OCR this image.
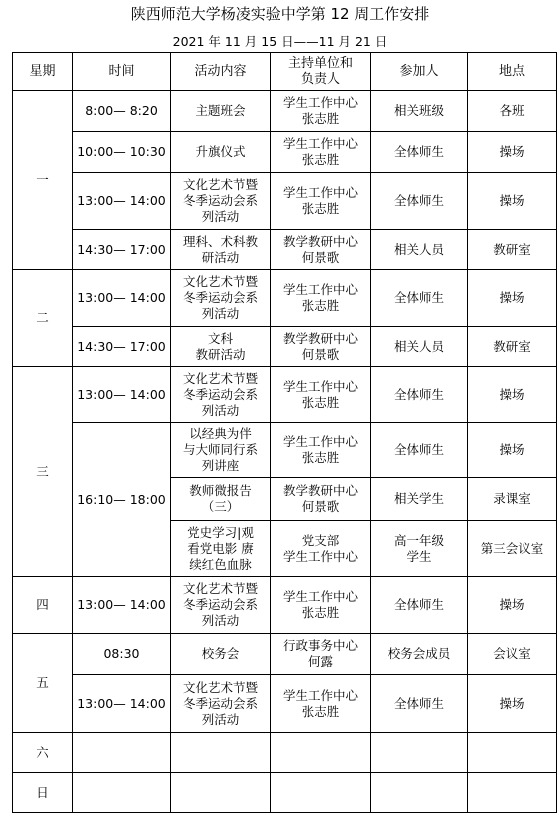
陕西师范大学杨凌实验中学第 12 周工作安排
2021 年 11 月 15 日——11 月 21 日
星期	时间	活动内容	主持单位和
负责人	参加人	地点
一	8:00— 8:20	主题班会	学生工作中心
张志胜	相关班级	各班
	10:00— 10:30	升旗仪式	学生工作中心
张志胜	全体师生	操场
	13:00— 14:00	文化艺术节暨
冬季运动会系
列活动	学生工作中心
张志胜	全体师生	操场
	14:30— 17:00	理科、术科教
研活动	教学教研中心
何景歌	相关人员	教研室
二	13:00— 14:00	文化艺术节暨
冬季运动会系
列活动	学生工作中心
张志胜	全体师生	操场
	14:30— 17:00	文科
教研活动	教学教研中心
何景歌	相关人员	教研室
三	13:00— 14:00	文化艺术节暨
冬季运动会系
列活动	学生工作中心
张志胜	全体师生	操场
	16:10— 18:00	以经典为伴
与大师同行系
列讲座	学生工作中心
张志胜	全体师生	操场
		教师微报告
（三）	教学教研中心
何景歌	相关学生	录课室
		党史学习|观
看党电影 赓
续红色血脉	党支部
学生工作中心	高一年级
学生	第三会议室
四	13:00— 14:00	文化艺术节暨
冬季运动会系
列活动	学生工作中心
张志胜	全体师生	操场
五	08:30	校务会	行政事务中心
何露	校务会成员	会议室
	13:00— 14:00	文化艺术节暨
冬季运动会系
列活动	学生工作中心
张志胜	全体师生	操场
六					
日					
